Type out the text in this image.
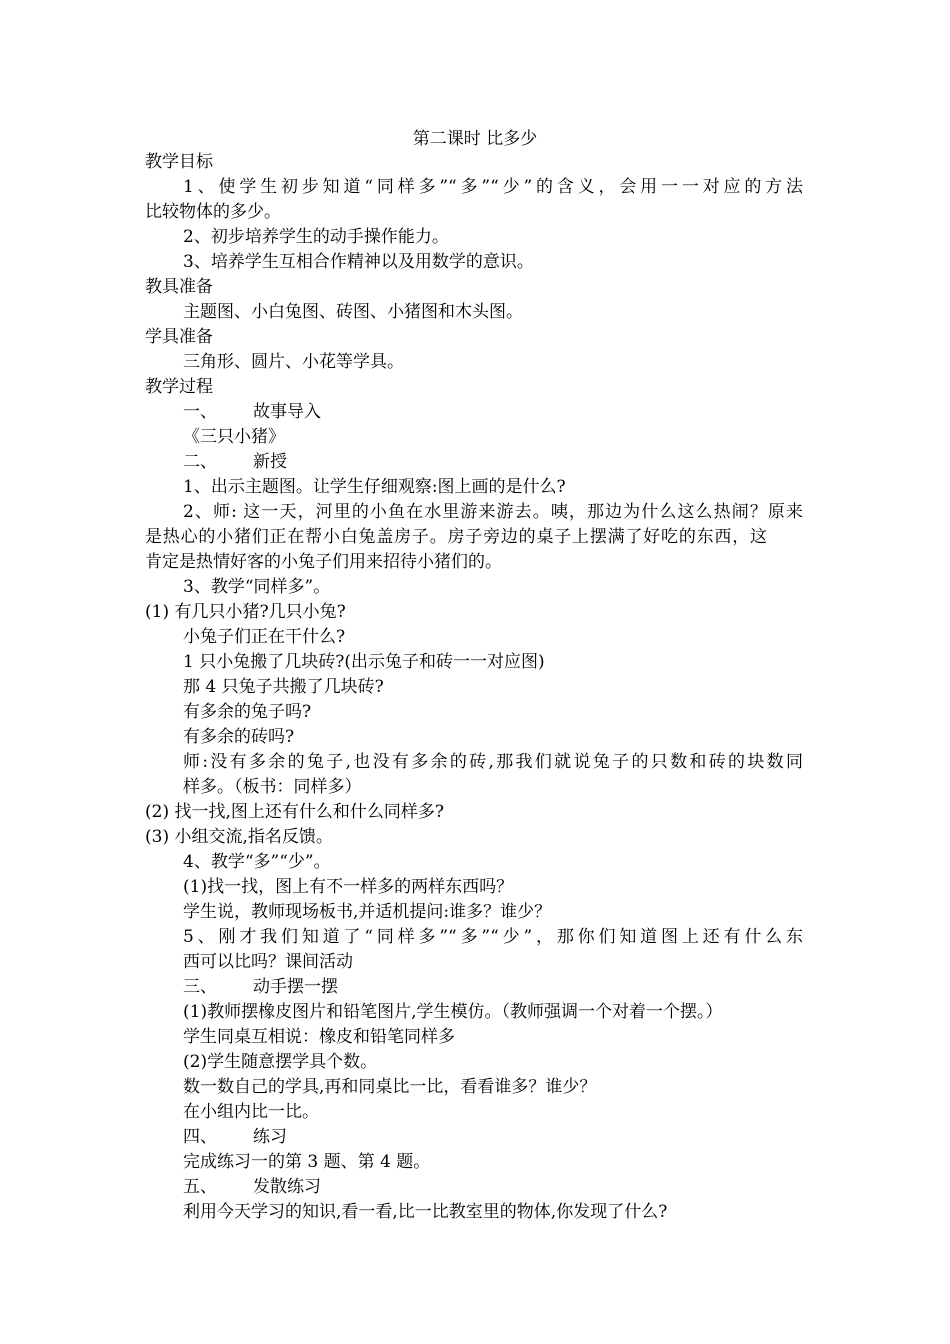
第二课时 比多少
教学目标
1、使学生初步知道“同样多”“多”“少”的含义，会用一一对应的方法
比较物体的多少。
2、初步培养学生的动手操作能力。
3、培养学生互相合作精神以及用数学的意识。
教具准备
主题图、小白兔图、砖图、小猪图和木头图。
学具准备
三角形、圆片、小花等学具。
教学过程
一、 故事导入
《三只小猪》
二、 新授
1、出示主题图。让学生仔细观察:图上画的是什么?
2、师: 这一天，河里的小鱼在水里游来游去。咦，那边为什么这么热闹？原来
是热心的小猪们正在帮小白兔盖房子。房子旁边的桌子上摆满了好吃的东西，这
肯定是热情好客的小兔子们用来招待小猪们的。
3、教学“同样多”。
(1) 有几只小猪?几只小兔?
小兔子们正在干什么?
1 只小兔搬了几块砖?(出示兔子和砖一一对应图)
那 4 只兔子共搬了几块砖?
有多余的兔子吗?
有多余的砖吗?
师:没有多余的兔子,也没有多余的砖,那我们就说兔子的只数和砖的块数同
样多。（板书：同样多）
(2) 找一找,图上还有什么和什么同样多?
(3) 小组交流,指名反馈。
4、教学“多”“少”。
(1)找一找，图上有不一样多的两样东西吗？
学生说，教师现场板书,并适机提问:谁多？谁少？
5、刚才我们知道了“同样多”“多”“少”，那你们知道图上还有什么东
西可以比吗？课间活动
三、 动手摆一摆
(1)教师摆橡皮图片和铅笔图片,学生模仿。（教师强调一个对着一个摆。）
学生同桌互相说：橡皮和铅笔同样多
(2)学生随意摆学具个数。
数一数自己的学具,再和同桌比一比，看看谁多？谁少？
在小组内比一比。
四、 练习
完成练习一的第 3 题、第 4 题。
五、 发散练习
利用今天学习的知识,看一看,比一比教室里的物体,你发现了什么?
